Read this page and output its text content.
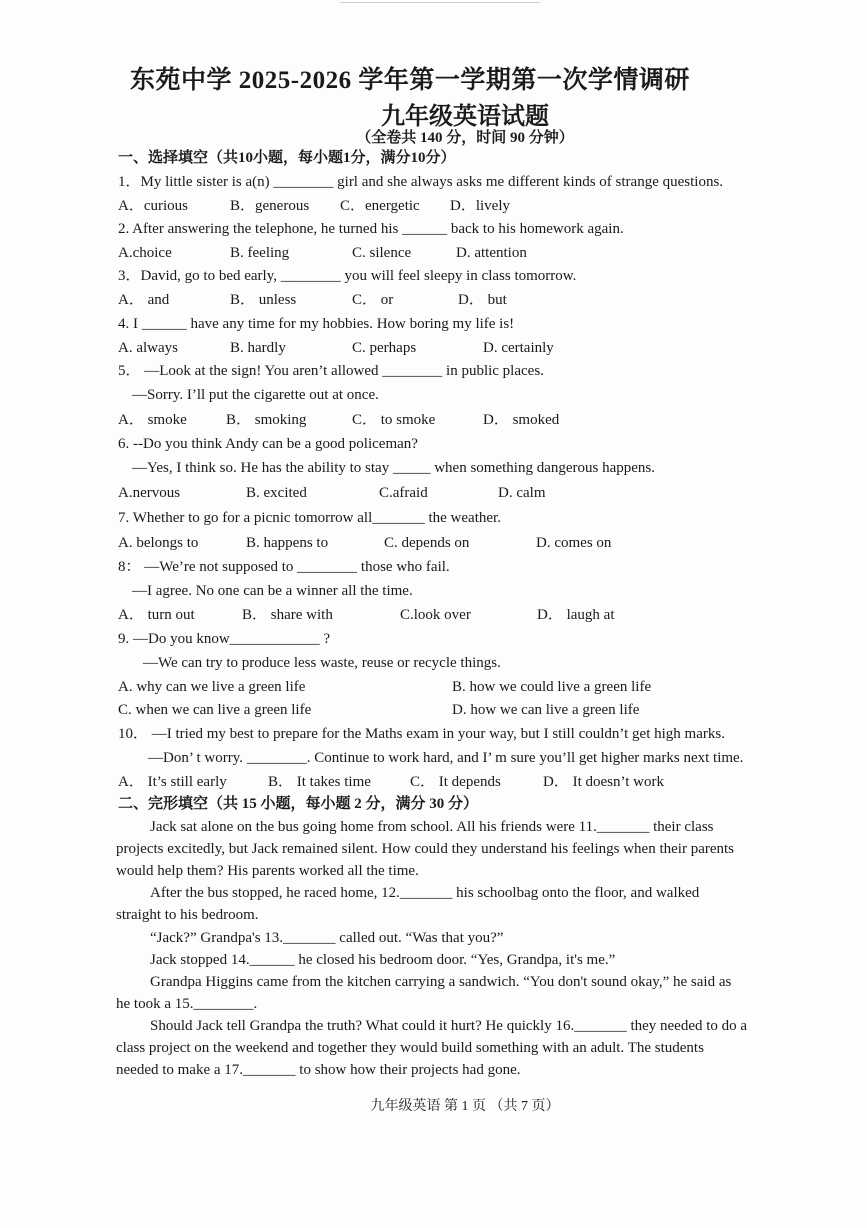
东苑中学 2025-2026 学年第一学期第一次学情调研
九年级英语试题
（全卷共 140 分，时间 90 分钟）
一、选择填空（共10小题，每小题1分，满分10分）
1．My little sister is a(n) ________ girl and she always asks me different kinds of strange questions.
A．curious	B．generous C．energetic D．lively
2. After answering the telephone, he turned his ______ back to his homework again.
A.choice	B. feeling	C. silence	D. attention
3．David, go to bed early, ________ you will feel sleepy in class tomorrow.
A． and	B． unless	C． or	D． but
4. I ______ have any time for my hobbies. How boring my life is!
A. always	B. hardly	C. perhaps	D. certainly
5． —Look at the sign! You aren’t allowed ________ in public places.
—Sorry. I’ll put the cigarette out at once.
A． smoke	B． smoking	C． to smoke	D． smoked
6. --Do you think Andy can be a good policeman?
—Yes, I think so. He has the ability to stay _____ when something dangerous happens.
A.nervous	B. excited	C.afraid	D. calm
7. Whether to go for a picnic tomorrow all_______ the weather.
A. belongs to	B. happens to	C. depends on	D. comes on
8： —We’re not supposed to ________ those who fail.
—I agree. No one can be a winner all the time.
A． turn out	B． share with	C.look over	D． laugh at
9. —Do you know____________ ?
—We can try to produce less waste, reuse or recycle things.
A. why can we live a green life	B. how we could live a green life
C. when we can live a green life	D. how we can live a green life
10． —I tried my best to prepare for the Maths exam in your way, but I still couldn’t get high marks.
—Don’ t worry. ________. Continue to work hard, and I’ m sure you’ll get higher marks next time.
A． It’s still early	B． It takes time	C． It depends	D． It doesn’t work
二、完形填空（共 15 小题，每小题 2 分，满分 30 分）
Jack sat alone on the bus going home from school. All his friends were 11._______ their class
projects excitedly, but Jack remained silent. How could they understand his feelings when their parents
would help them? His parents worked all the time.
After the bus stopped, he raced home, 12._______ his schoolbag onto the floor, and walked
straight to his bedroom.
“Jack?” Grandpa's 13._______ called out. “Was that you?”
Jack stopped 14.______ he closed his bedroom door. “Yes, Grandpa, it's me.”
Grandpa Higgins came from the kitchen carrying a sandwich. “You don't sound okay,” he said as
he took a 15.________.
Should Jack tell Grandpa the truth? What could it hurt? He quickly 16._______ they needed to do a
class project on the weekend and together they would build something with an adult. The students
needed to make a 17._______ to show how their projects had gone.
九年级英语 第 1 页 （共 7 页）
